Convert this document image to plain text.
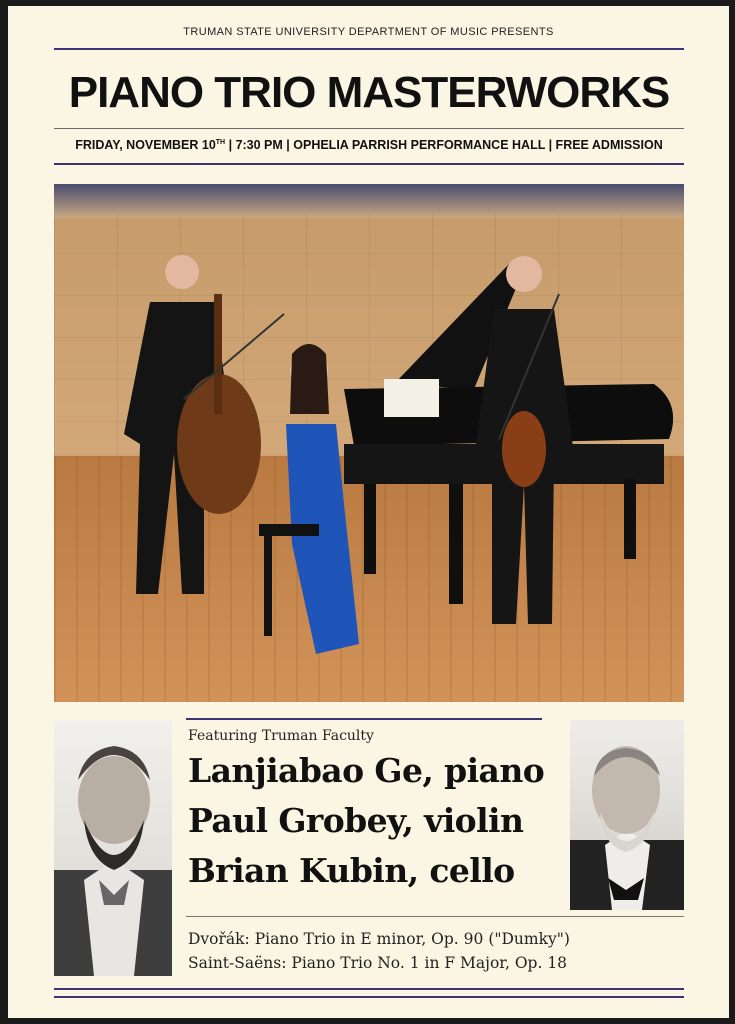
TRUMAN STATE UNIVERSITY DEPARTMENT OF MUSIC PRESENTS
PIANO TRIO MASTERWORKS
FRIDAY, NOVEMBER 10TH | 7:30 PM | OPHELIA PARRISH PERFORMANCE HALL | FREE ADMISSION
Featuring Truman Faculty
Lanjiabao Ge, piano
Paul Grobey, violin
Brian Kubin, cello
Dvořák: Piano Trio in E minor, Op. 90 ("Dumky")
Saint-Saëns: Piano Trio No. 1 in F Major, Op. 18
